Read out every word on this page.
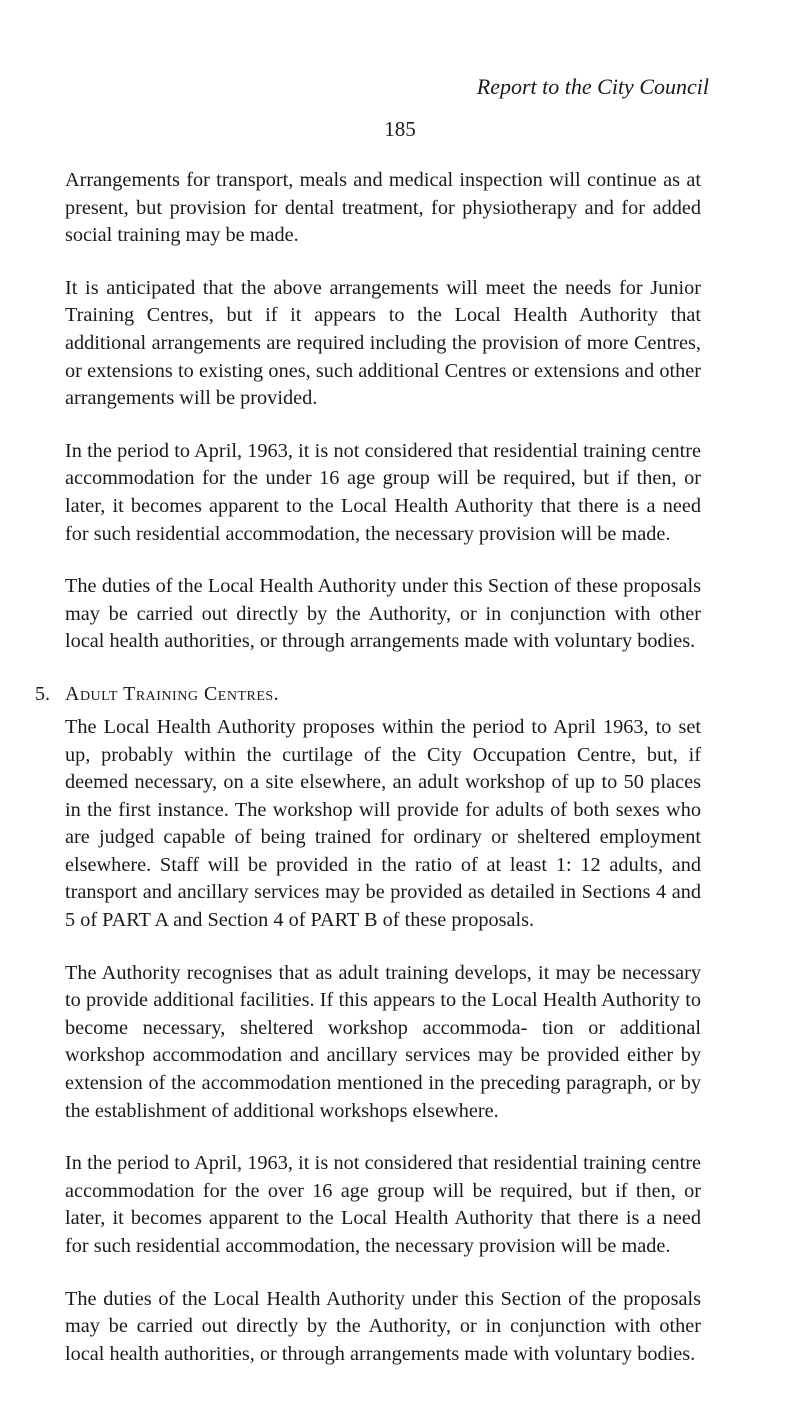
Report to the City Council
185

Arrangements for transport, meals and medical inspection will continue as at present, but provision for dental treatment, for physiotherapy and for added social training may be made.

It is anticipated that the above arrangements will meet the needs for Junior Training Centres, but if it appears to the Local Health Authority that additional arrangements are required including the provision of more Centres, or extensions to existing ones, such additional Centres or extensions and other arrangements will be provided.

In the period to April, 1963, it is not considered that residential training centre accommodation for the under 16 age group will be required, but if then, or later, it becomes apparent to the Local Health Authority that there is a need for such residential accommodation, the necessary provision will be made.

The duties of the Local Health Authority under this Section of these proposals may be carried out directly by the Authority, or in conjunction with other local health authorities, or through arrangements made with voluntary bodies.

5. Adult Training Centres.

The Local Health Authority proposes within the period to April 1963, to set up, probably within the curtilage of the City Occupation Centre, but, if deemed necessary, on a site elsewhere, an adult workshop of up to 50 places in the first instance. The workshop will provide for adults of both sexes who are judged capable of being trained for ordinary or sheltered employment elsewhere. Staff will be provided in the ratio of at least 1: 12 adults, and transport and ancillary services may be provided as detailed in Sections 4 and 5 of PART A and Section 4 of PART B of these proposals.

The Authority recognises that as adult training develops, it may be necessary to provide additional facilities. If this appears to the Local Health Authority to become necessary, sheltered workshop accommoda- tion or additional workshop accommodation and ancillary services may be provided either by extension of the accommodation mentioned in the preceding paragraph, or by the establishment of additional workshops elsewhere.

In the period to April, 1963, it is not considered that residential training centre accommodation for the over 16 age group will be required, but if then, or later, it becomes apparent to the Local Health Authority that there is a need for such residential accommodation, the necessary provision will be made.

The duties of the Local Health Authority under this Section of the proposals may be carried out directly by the Authority, or in conjunction with other local health authorities, or through arrangements made with voluntary bodies.
